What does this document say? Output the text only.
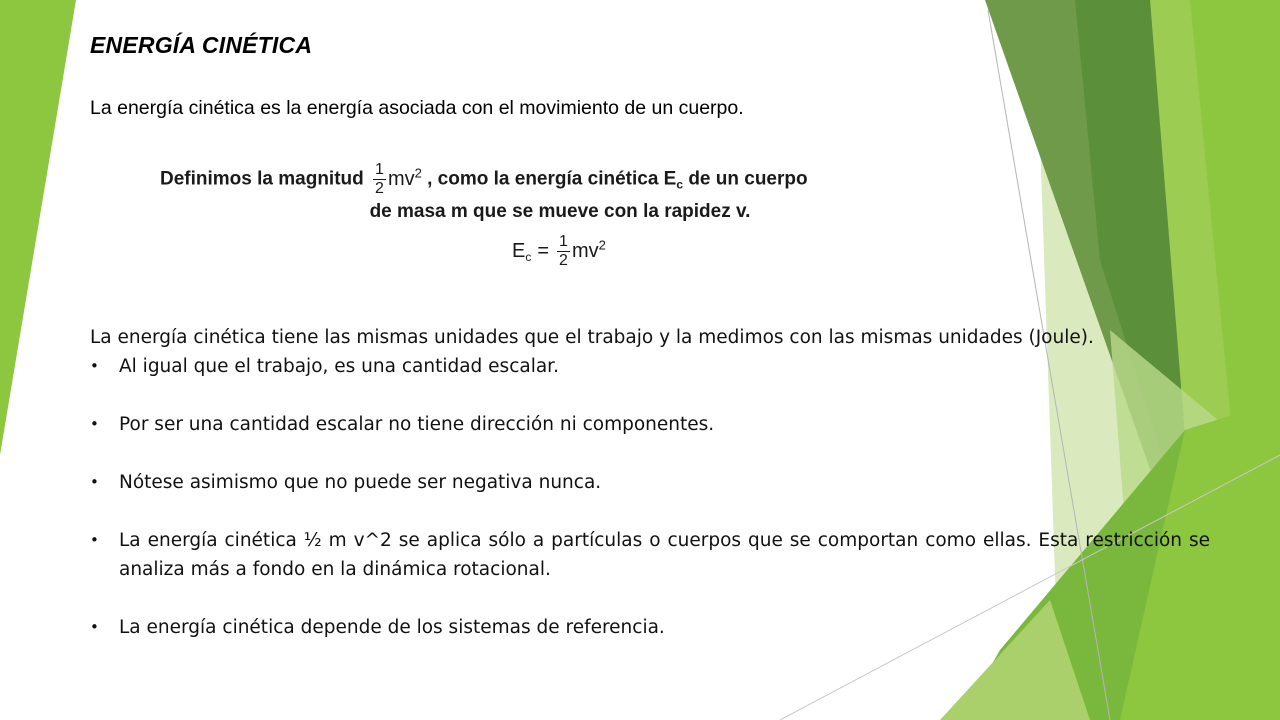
ENERGÍA CINÉTICA

La energía cinética es la energía asociada con el movimiento de un cuerpo.

Definimos la magnitud $\frac{1}{2} mv^2$ , como la energía cinética $E_c$ de un cuerpo
de masa m que se mueve con la rapidez v.
$E_c = \frac{1}{2} mv^2$

La energía cinética tiene las mismas unidades que el trabajo y la medimos con las mismas unidades (Joule).

• Al igual que el trabajo, es una cantidad escalar.
• Por ser una cantidad escalar no tiene dirección ni componentes.
• Nótese asimismo que no puede ser negativa nunca.
• La energía cinética ½ m v^2 se aplica sólo a partículas o cuerpos que se comportan como ellas. Esta restricción se analiza más a fondo en la dinámica rotacional.
• La energía cinética depende de los sistemas de referencia.
